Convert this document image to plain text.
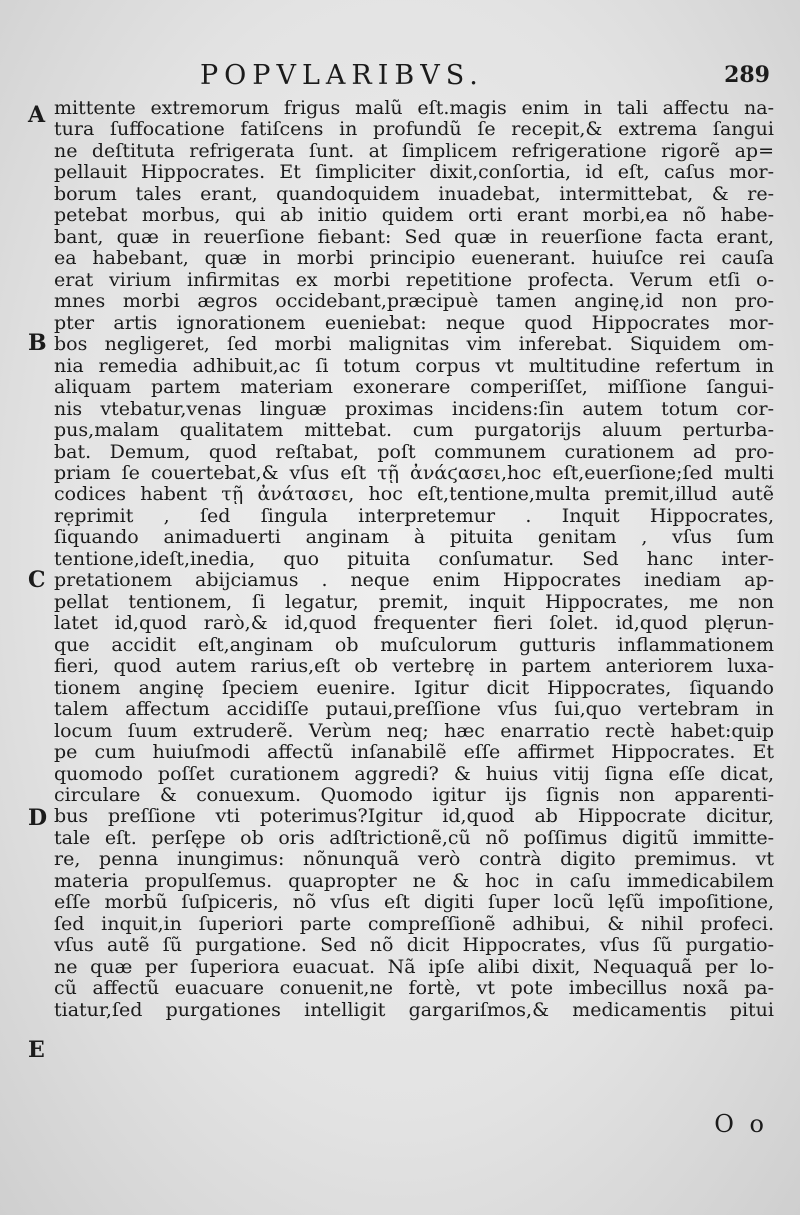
POPVLARIBVS.	289
A
B
C
D
E
mittente extremorum frigus malũ eſt.magis enim in tali affectu na-
tura ſuffocatione fatiſcens in profundũ ſe recepit,& extrema ſangui
ne deſtituta refrigerata ſunt. at ſimplicem refrigeratione rigorẽ ap=
pellauit Hippocrates. Et ſimpliciter dixit,conſortia, id eſt, caſus mor-
borum tales erant, quandoquidem inuadebat, intermittebat, & re-
petebat morbus, qui ab initio quidem orti erant morbi,ea nõ habe-
bant, quæ in reuerſione fiebant: Sed quæ in reuerſione facta erant,
ea habebant, quæ in morbi principio euenerant. huiuſce rei cauſa
erat virium infirmitas ex morbi repetitione profecta. Verum etſi o-
mnes morbi ægros occidebant,præcipuè tamen anginę,id non pro-
pter artis ignorationem eueniebat: neque quod Hippocrates mor-
bos negligeret, ſed morbi malignitas vim inferebat. Siquidem om-
nia remedia adhibuit,ac ſi totum corpus vt multitudine refertum in
aliquam partem materiam exonerare comperiſſet, miſſione ſangui-
nis vtebatur,venas linguæ proximas incidens:ſin autem totum cor-
pus,malam qualitatem mittebat. cum purgatorijs aluum perturba-
bat. Demum, quod reſtabat, poſt communem curationem ad pro-
priam ſe couertebat,& vſus eſt τῇ ἀνάϛασει,hoc eſt,euerſione;ſed multi
codices habent τῇ ἀνάτασει, hoc eſt,tentione,multa premit,illud autẽ
rẹprimit , ſed ſingula interpretemur . Inquit Hippocrates,
ſiquando animaduerti anginam à pituita genitam , vſus ſum
tentione,ideſt,inedia, quo pituita conſumatur. Sed hanc inter-
pretationem abijciamus . neque enim Hippocrates inediam ap-
pellat tentionem, ſi legatur, premit, inquit Hippocrates, me non
latet id,quod rarò,& id,quod frequenter fieri ſolet. id,quod plęrun-
que accidit eſt,anginam ob muſculorum gutturis inflammationem
fieri, quod autem rarius,eſt ob vertebrę in partem anteriorem luxa-
tionem anginę ſpeciem euenire. Igitur dicit Hippocrates, ſiquando
talem affectum accidiſſe putaui,preſſione vſus ſui,quo vertebram in
locum ſuum extruderẽ. Verùm neq; hæc enarratio rectè habet:quip
pe cum huiuſmodi affectũ inſanabilẽ eſſe affirmet Hippocrates. Et
quomodo poſſet curationem aggredi? & huius vitij ſigna eſſe dicat,
circulare & conuexum. Quomodo igitur ijs ſignis non apparenti-
bus preſſione vti poterimus?Igitur id,quod ab Hippocrate dicitur,
tale eſt. perſępe ob oris adſtrictionẽ,cũ nõ poſſimus digitũ immitte-
re, penna inungimus: nõnunquã verò contrà digito premimus. vt
materia propulſemus. quapropter ne & hoc in caſu immedicabilem
eſſe morbũ ſuſpiceris, nõ vſus eſt digiti ſuper locũ lęſũ impoſitione,
ſed inquit,in ſuperiori parte compreſſionẽ adhibui, & nihil profeci.
vſus autẽ ſũ purgatione. Sed nõ dicit Hippocrates, vſus ſũ purgatio-
ne quæ per ſuperiora euacuat. Nã ipſe alibi dixit, Nequaquã per lo-
cũ affectũ euacuare conuenit,ne fortè, vt pote imbecillus noxã pa-
tiatur,ſed purgationes intelligit gargariſmos,& medicamentis pitui
O o
